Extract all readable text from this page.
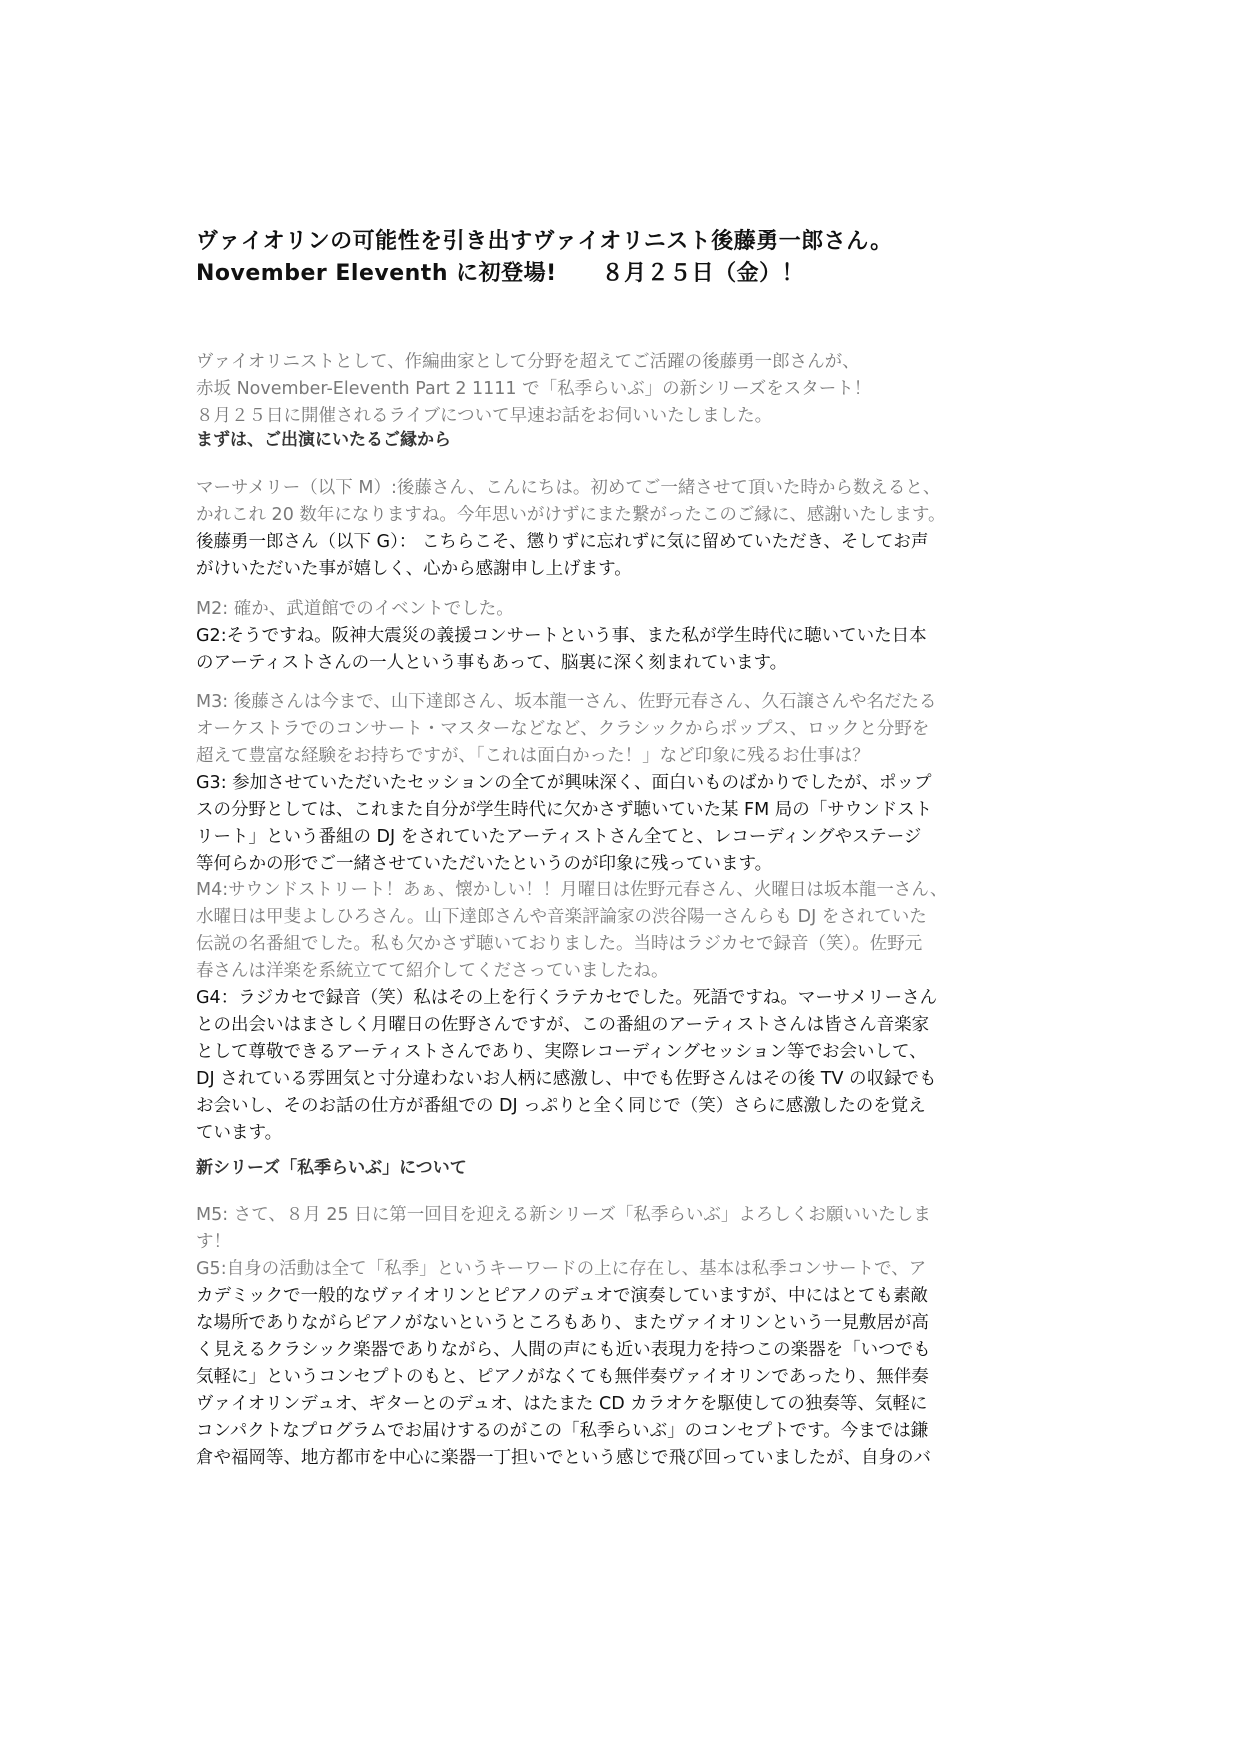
ヴァイオリンの可能性を引き出すヴァイオリニスト後藤勇一郎さん。
November Eleventh に初登場!　　８月２５日（金）！
ヴァイオリニストとして、作編曲家として分野を超えてご活躍の後藤勇一郎さんが、
赤坂 November-Eleventh Part 2 1111 で「私季らいぶ」の新シリーズをスタート！
８月２５日に開催されるライブについて早速お話をお伺いいたしました。
まずは、ご出演にいたるご縁から
マーサメリー（以下 M）:後藤さん、こんにちは。初めてご一緒させて頂いた時から数えると、
かれこれ 20 数年になりますね。今年思いがけずにまた繋がったこのご縁に、感謝いたします。
後藤勇一郎さん（以下 G）： こちらこそ、懲りずに忘れずに気に留めていただき、そしてお声
がけいただいた事が嬉しく、心から感謝申し上げます。
M2: 確か、武道館でのイベントでした。
G2:そうですね。阪神大震災の義援コンサートという事、また私が学生時代に聴いていた日本
のアーティストさんの一人という事もあって、脳裏に深く刻まれています。
M3: 後藤さんは今まで、山下達郎さん、坂本龍一さん、佐野元春さん、久石譲さんや名だたる
オーケストラでのコンサート・マスターなどなど、クラシックからポップス、ロックと分野を
超えて豊富な経験をお持ちですが、「これは面白かった！」など印象に残るお仕事は？
G3: 参加させていただいたセッションの全てが興味深く、面白いものばかりでしたが、ポップ
スの分野としては、これまた自分が学生時代に欠かさず聴いていた某 FM 局の「サウンドスト
リート」という番組の DJ をされていたアーティストさん全てと、レコーディングやステージ
等何らかの形でご一緒させていただいたというのが印象に残っています。
M4:サウンドストリート！あぁ、懐かしい！！月曜日は佐野元春さん、火曜日は坂本龍一さん、
水曜日は甲斐よしひろさん。山下達郎さんや音楽評論家の渋谷陽一さんらも DJ をされていた
伝説の名番組でした。私も欠かさず聴いておりました。当時はラジカセで録音（笑）。佐野元
春さんは洋楽を系統立てて紹介してくださっていましたね。
G4：ラジカセで録音（笑）私はその上を行くラテカセでした。死語ですね。マーサメリーさん
との出会いはまさしく月曜日の佐野さんですが、この番組のアーティストさんは皆さん音楽家
として尊敬できるアーティストさんであり、実際レコーディングセッション等でお会いして、
DJ されている雰囲気と寸分違わないお人柄に感激し、中でも佐野さんはその後 TV の収録でも
お会いし、そのお話の仕方が番組での DJ っぷりと全く同じで（笑）さらに感激したのを覚え
ています。
新シリーズ「私季らいぶ」について
M5: さて、８月 25 日に第一回目を迎える新シリーズ「私季らいぶ」よろしくお願いいたしま
す！
G5:自身の活動は全て「私季」というキーワードの上に存在し、基本は私季コンサートで、ア
カデミックで一般的なヴァイオリンとピアノのデュオで演奏していますが、中にはとても素敵
な場所でありながらピアノがないというところもあり、またヴァイオリンという一見敷居が高
く見えるクラシック楽器でありながら、人間の声にも近い表現力を持つこの楽器を「いつでも
気軽に」というコンセプトのもと、ピアノがなくても無伴奏ヴァイオリンであったり、無伴奏
ヴァイオリンデュオ、ギターとのデュオ、はたまた CD カラオケを駆使しての独奏等、気軽に
コンパクトなプログラムでお届けするのがこの「私季らいぶ」のコンセプトです。今までは鎌
倉や福岡等、地方都市を中心に楽器一丁担いでという感じで飛び回っていましたが、自身のバ
